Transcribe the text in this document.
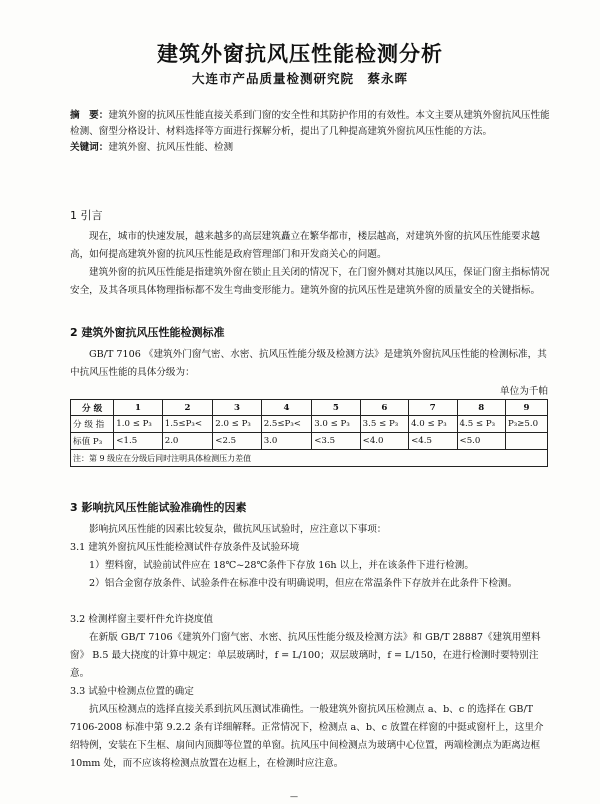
建筑外窗抗风压性能检测分析
大连市产品质量检测研究院　蔡永晖
摘　要：建筑外窗的抗风压性能直接关系到门窗的安全性和其防护作用的有效性。本文主要从建筑外窗抗风压性能检测、窗型分格设计、材料选择等方面进行探解分析，提出了几种提高建筑外窗抗风压性能的方法。
关键词：建筑外窗、抗风压性能、检测
1 引言
现在，城市的快速发展，越来越多的高层建筑矗立在繁华都市，楼层越高，对建筑外窗的抗风压性能要求越高，如何提高建筑外窗的抗风压性能是政府管理部门和开发商关心的问题。
建筑外窗的抗风压性能是指建筑外窗在锁止且关闭的情况下，在门窗外侧对其施以风压，保证门窗主指标情况安全，及其各项具体物理指标都不发生弯曲变形能力。建筑外窗的抗风压性是建筑外窗的质量安全的关键指标。
2 建筑外窗抗风压性能检测标准
GB/T 7106 《建筑外门窗气密、水密、抗风压性能分级及检测方法》是建筑外窗抗风压性能的检测标准，其中抗风压性能的具体分级为：
单位为千帕
分 级	1	2	3	4	5	6	7	8	9
分 级 指	1.0 ≤ P₃	1.5≤P₃<	2.0 ≤ P₃	2.5≤P₃<	3.0 ≤ P₃	3.5 ≤ P₃	4.0 ≤ P₃	4.5 ≤ P₃	P₃≥5.0
标值 P₃	<1.5	2.0	<2.5	3.0	<3.5	<4.0	<4.5	<5.0	
注：第 9 级应在分级后同时注明具体检测压力差值									
3 影响抗风压性能试验准确性的因素
影响抗风压性能的因素比较复杂，做抗风压试验时，应注意以下事项：
3.1 建筑外窗抗风压性能检测试件存放条件及试验环境
1）塑料窗，试验前试件应在 18℃~28℃条件下存放 16h 以上，并在该条件下进行检测。
2）铝合金窗存放条件、试验条件在标准中没有明确说明，但应在常温条件下存放并在此条件下检测。
3.2 检测样窗主要杆件允许挠度值
在新版 GB/T 7106《建筑外门窗气密、水密、抗风压性能分级及检测方法》和 GB/T 28887《建筑用塑料窗》 B.5 最大挠度的计算中规定：单层玻璃时，f = L/100；双层玻璃时，f = L/150，在进行检测时要特别注意。
3.3 试验中检测点位置的确定
抗风压检测点的选择直接关系到抗风压测试准确性。一般建筑外窗抗风压检测点 a、b、c 的选择在 GB/T 7106-2008 标准中第 9.2.2 条有详细解释。正常情况下，检测点 a、b、c 放置在样窗的中挺或窗杆上，这里介绍特例，安装在下生框、扇间内顶脚等位置的单窗。抗风压中间检测点为玻璃中心位置，两端检测点为距离边框 10mm 处，而不应该将检测点放置在边框上，在检测时应注意。
—
